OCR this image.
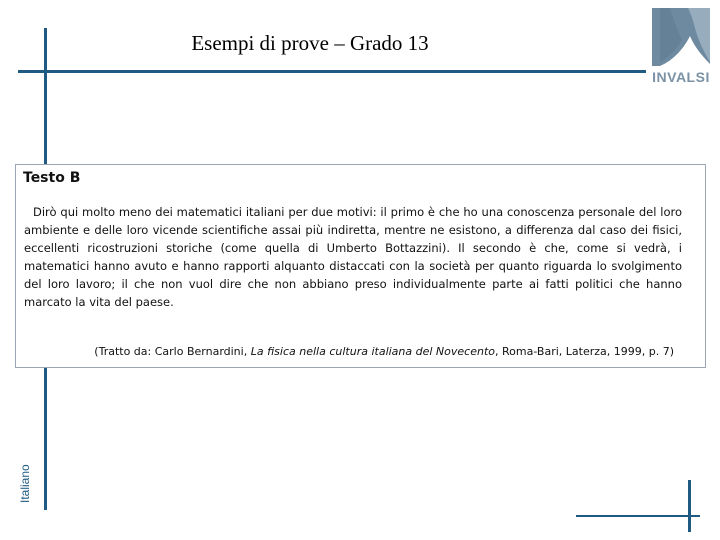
Esempi di prove – Grado 13
Italiano
INVALSI
Testo B

Dirò qui molto meno dei matematici italiani per due motivi: il primo è che ho una conoscenza personale del loro ambiente e delle loro vicende scientifiche assai più indiretta, mentre ne esistono, a differenza dal caso dei fisici, eccellenti ricostruzioni storiche (come quella di Umberto Bottazzini). Il secondo è che, come si vedrà, i matematici hanno avuto e hanno rapporti alquanto distaccati con la società per quanto riguarda lo svolgimento del loro lavoro; il che non vuol dire che non abbiano preso individualmente parte ai fatti politici che hanno marcato la vita del paese.

(Tratto da: Carlo Bernardini, La fisica nella cultura italiana del Novecento, Roma-Bari, Laterza, 1999, p. 7)
